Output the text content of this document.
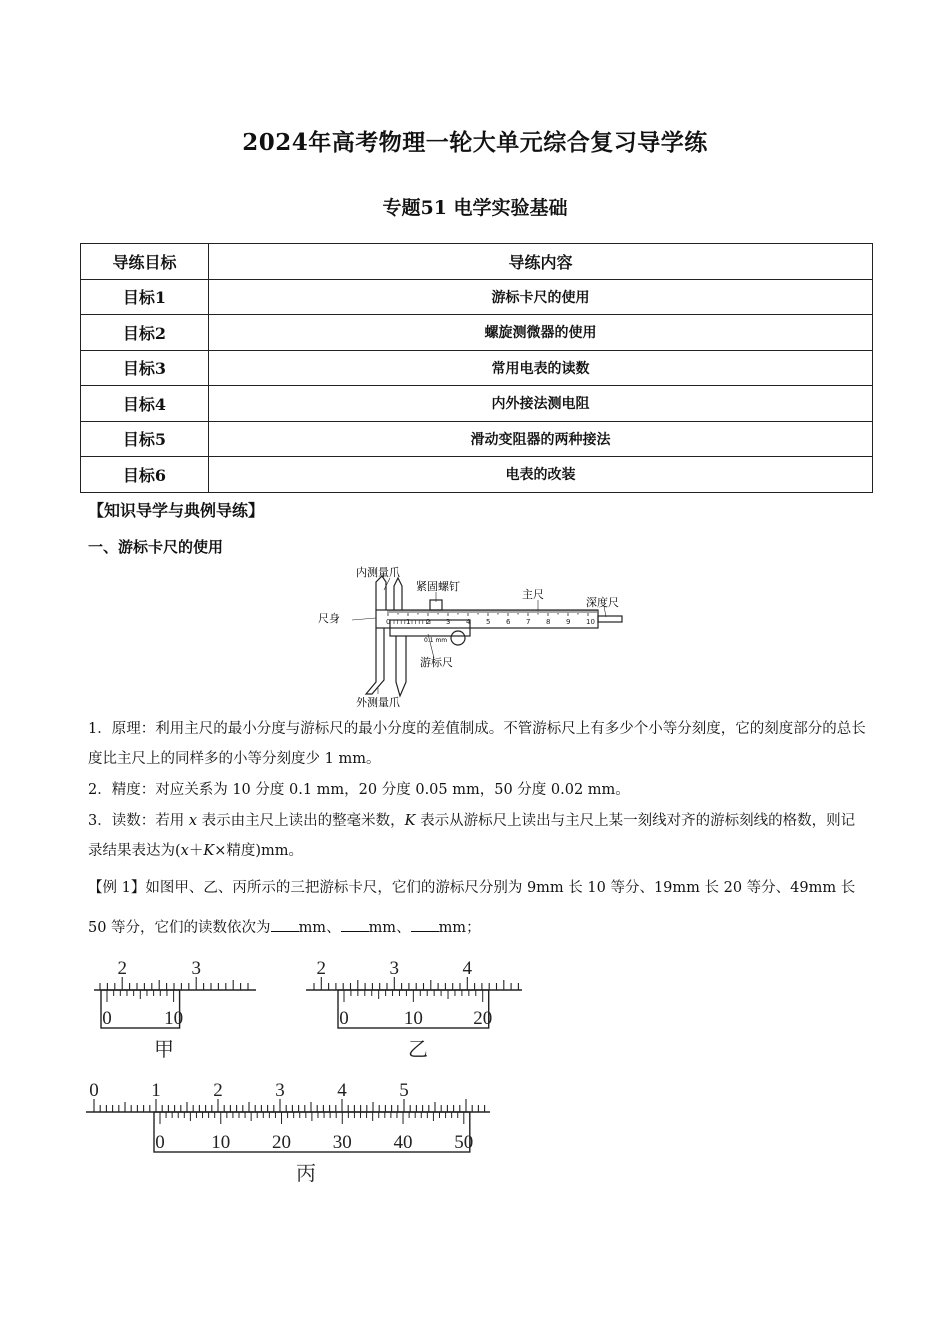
2024年高考物理一轮大单元综合复习导学练
专题51 电学实验基础
导练目标	导练内容
目标1	游标卡尺的使用
目标2	螺旋测微器的使用
目标3	常用电表的读数
目标4	内外接法测电阻
目标5	滑动变阻器的两种接法
目标6	电表的改装
【知识导学与典例导练】
一、游标卡尺的使用
0 1 2 3 4 5 6 7 8 9 10
内测量爪
紧固螺钉
主尺
深度尺
尺身
游标尺
外测量爪
0.1 mm
1．原理：利用主尺的最小分度与游标尺的最小分度的差值制成。不管游标尺上有多少个小等分刻度，它的刻度部分的总长度比主尺上的同样多的小等分刻度少 1 mm。
2．精度：对应关系为 10 分度 0.1 mm，20 分度 0.05 mm，50 分度 0.02 mm。
3．读数：若用 x 表示由主尺上读出的整毫米数，K 表示从游标尺上读出与主尺上某一刻线对齐的游标刻线的格数，则记录结果表达为(x＋K×精度)mm。
【例 1】如图甲、乙、丙所示的三把游标卡尺，它们的游标尺分别为 9mm 长 10 等分、19mm 长 20 等分、49mm 长 50 等分，它们的读数依次为 mm、 mm、 mm；
2	3
0	10
甲
2	3	4
0	10	20
乙
0	1	2	3	4	5
0 10 20 30 40 50
丙
